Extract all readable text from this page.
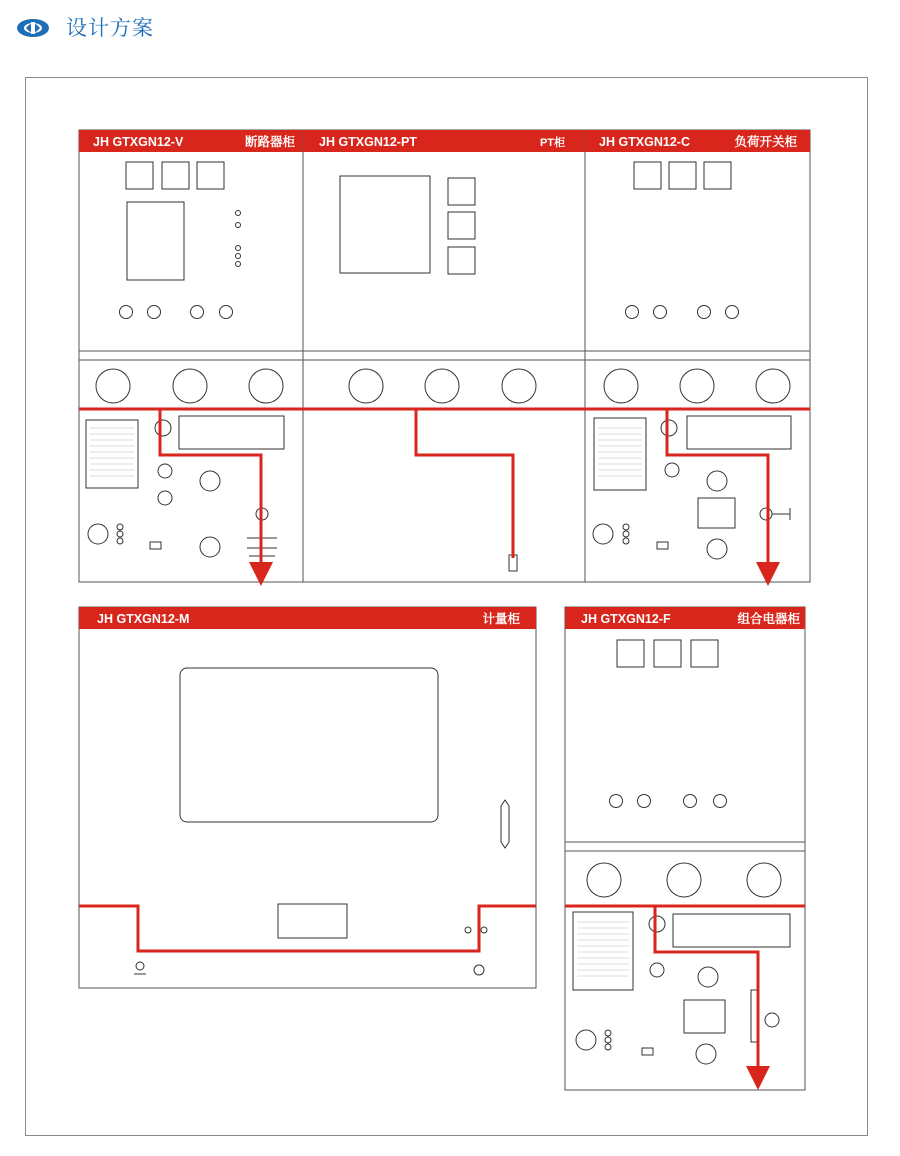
设计方案
JH GTXGN12-V	断路器柜 JH GTXGN12-PT	PT柜	JH GTXGN12-C	负荷开关柜
JH GTXGN12-M	计量柜	JH GTXGN12-F	组合电器柜
